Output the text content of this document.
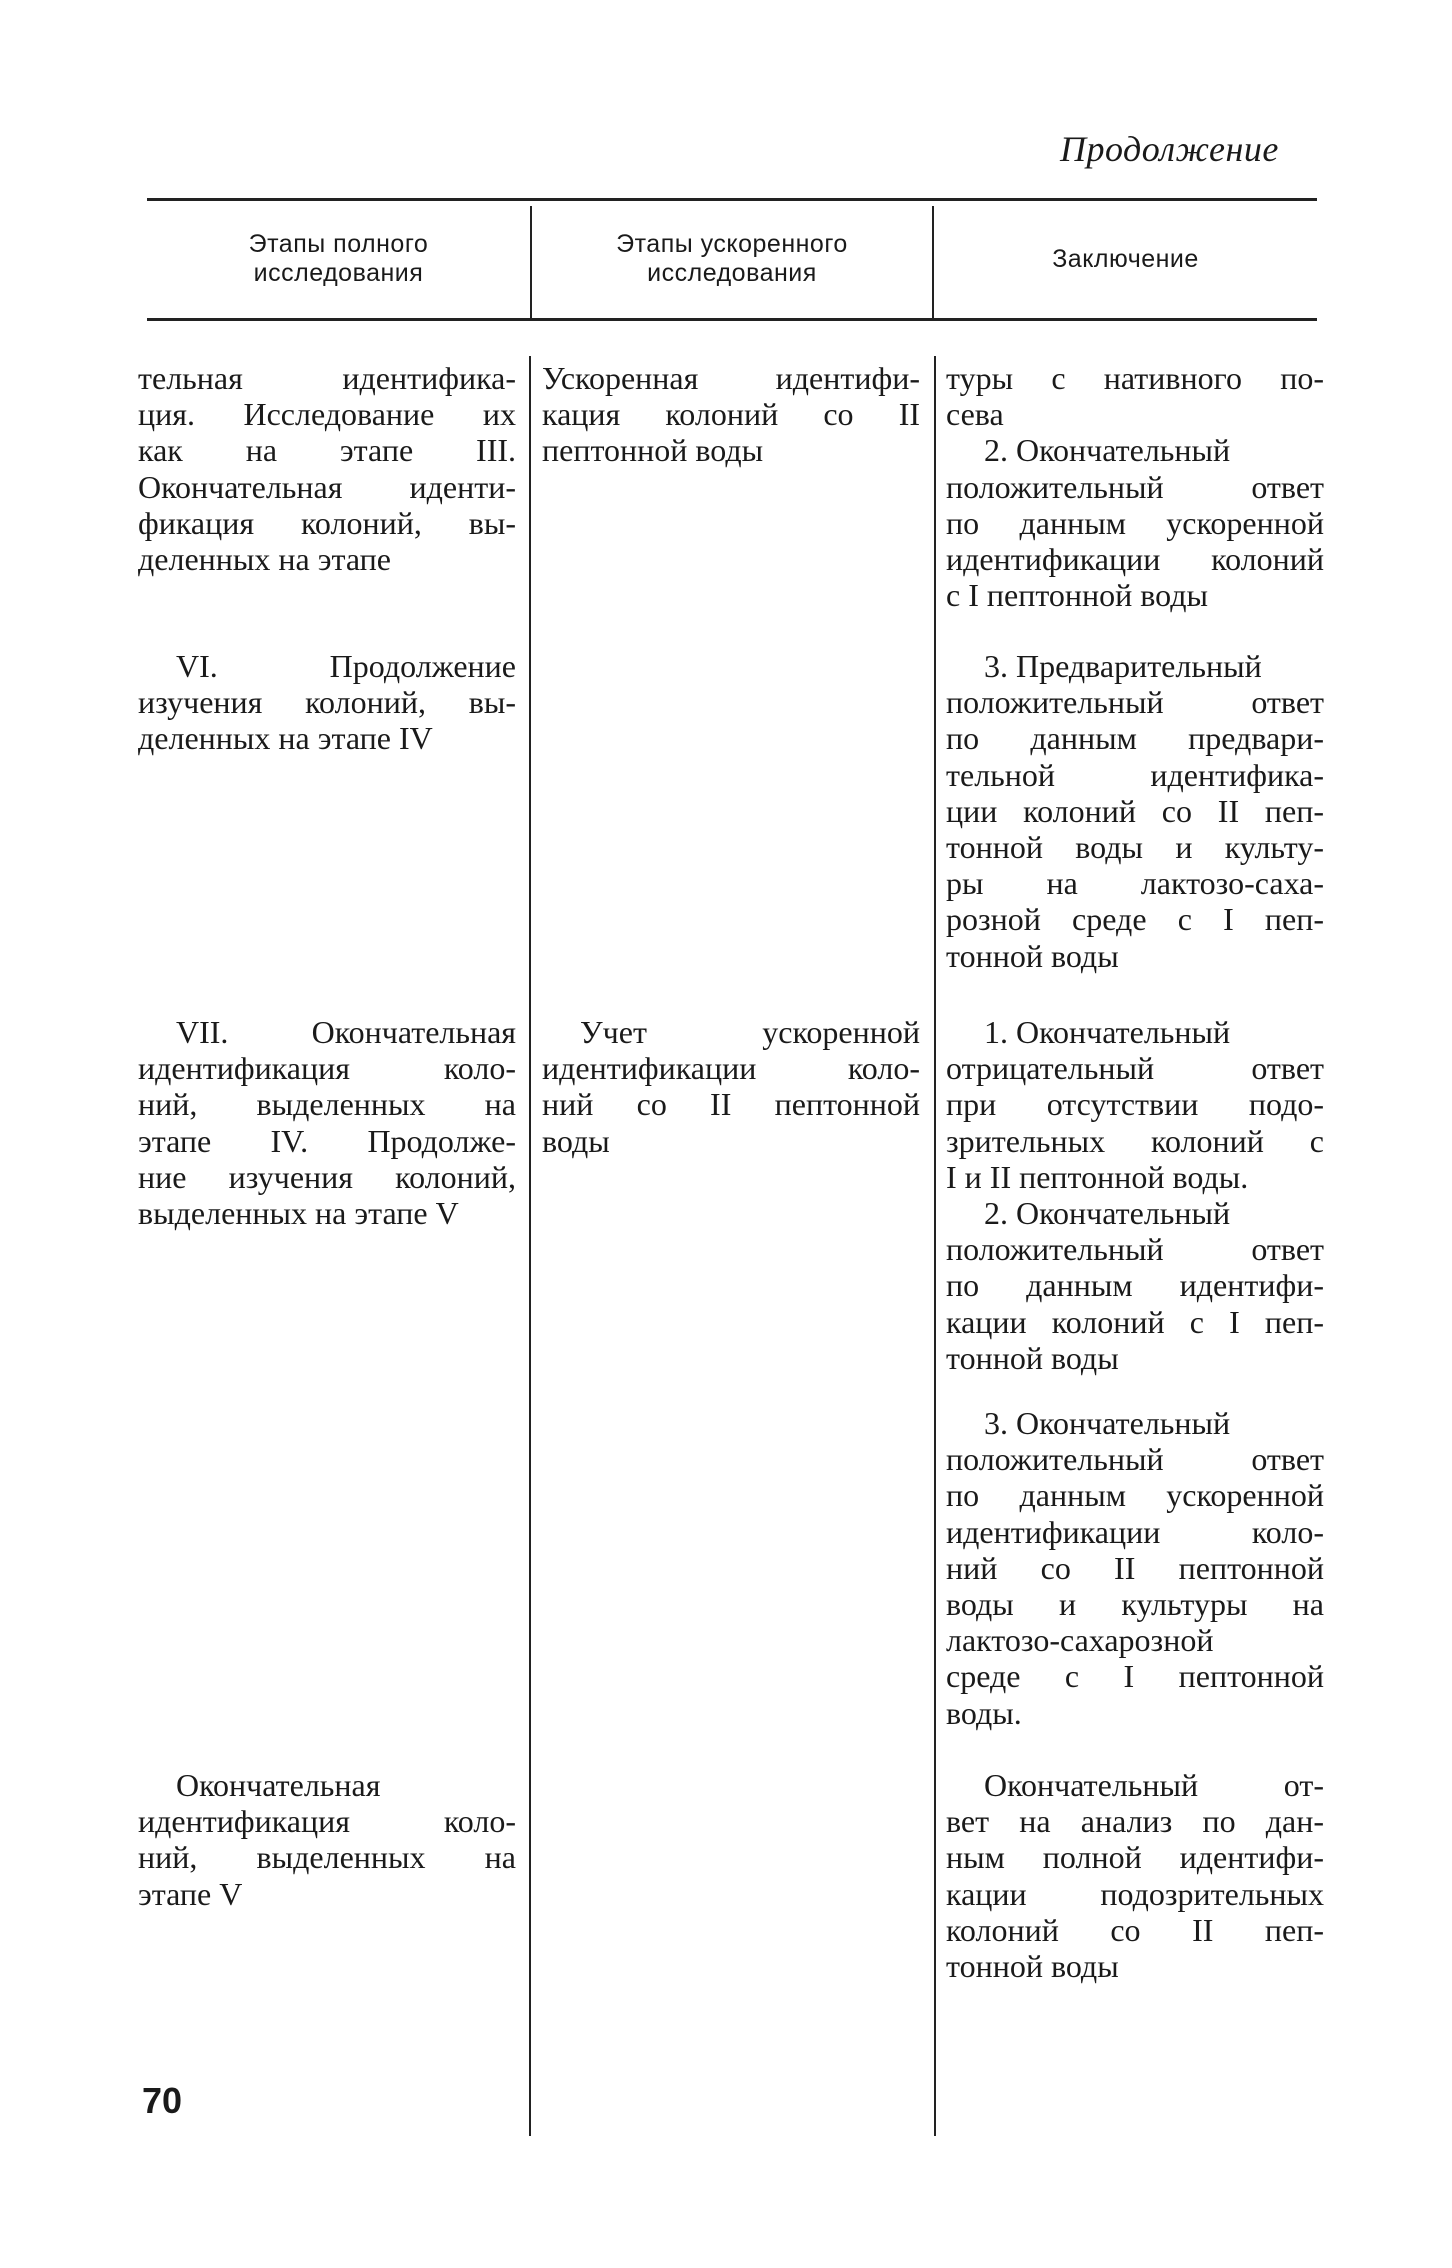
Продолжение
Этапы полного
исследования
Этапы ускоренного
исследования
Заключение
тельная идентифика-
ция. Исследование их
как на этапе III.
Окончательная иденти-
фикация колоний, вы-
деленных на этапе
VI. Продолжение
изучения колоний, вы-
деленных на этапе IV
VII. Окончательная
идентификация коло-
ний, выделенных на
этапе IV. Продолже-
ние изучения колоний,
выделенных на этапе V
Окончательная
идентификация коло-
ний, выделенных на
этапе V
Ускоренная идентифи-
кация колоний со II
пептонной воды
Учет ускоренной
идентификации коло-
ний со II пептонной
воды
туры с нативного по-
сева
2. Окончательный
положительный ответ
по данным ускоренной
идентификации колоний
с I пептонной воды
3. Предварительный
положительный ответ
по данным предвари-
тельной идентифика-
ции колоний со II пеп-
тонной воды и культу-
ры на лактозо-саха-
розной среде с I пеп-
тонной воды
1. Окончательный
отрицательный ответ
при отсутствии подо-
зрительных колоний с
I и II пептонной воды.
2. Окончательный
положительный ответ
по данным идентифи-
кации колоний с I пеп-
тонной воды
3. Окончательный
положительный ответ
по данным ускоренной
идентификации коло-
ний со II пептонной
воды и культуры на
лактозо-сахарозной
среде с I пептонной
воды.
Окончательный от-
вет на анализ по дан-
ным полной идентифи-
кации подозрительных
колоний со II пеп-
тонной воды
70
